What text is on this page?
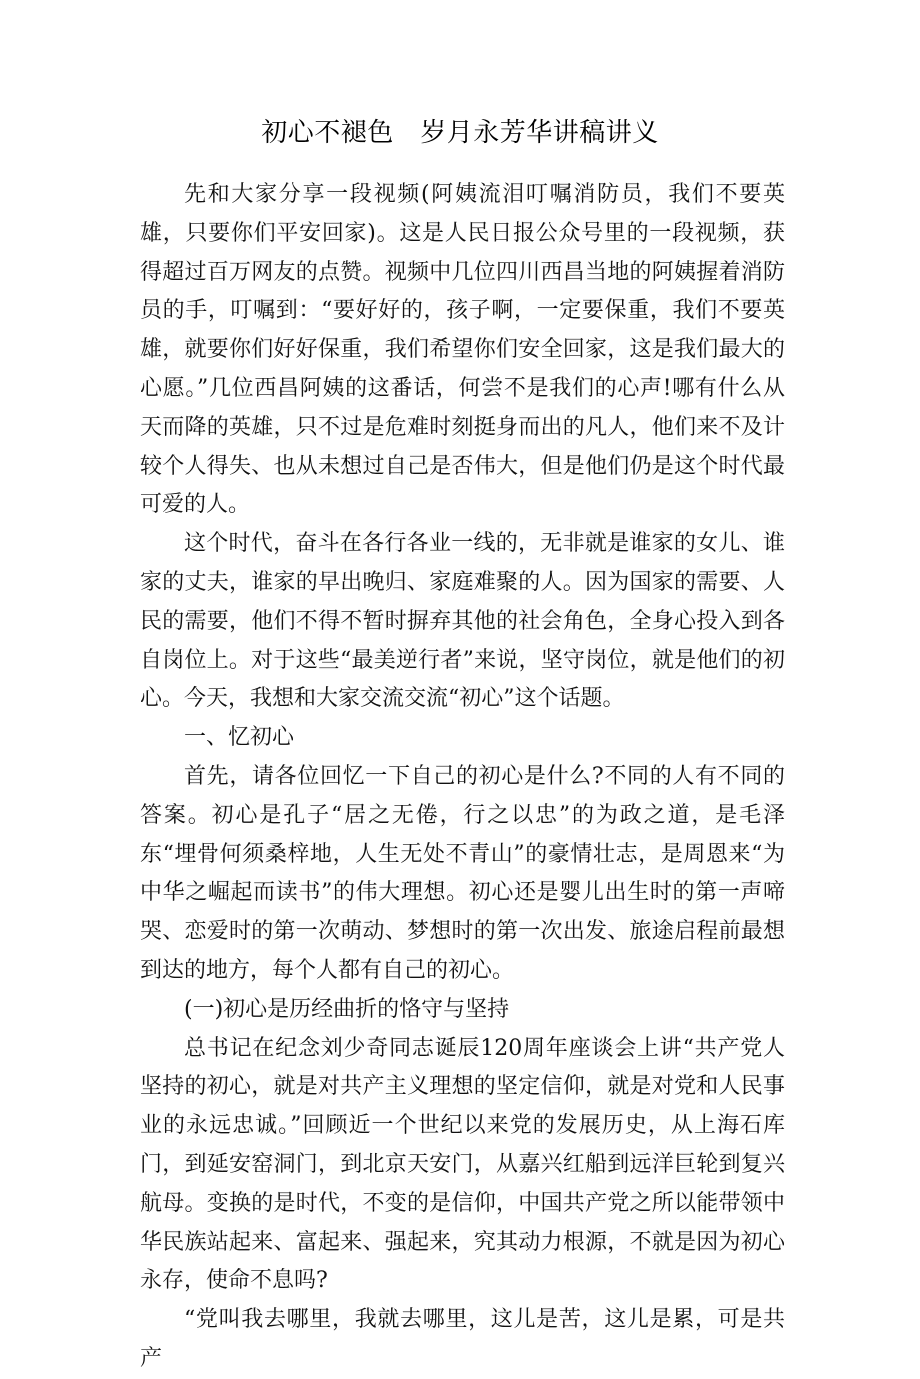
初心不褪色　岁月永芳华讲稿讲义

先和大家分享一段视频(阿姨流泪叮嘱消防员，我们不要英雄，只要你们平安回家)。这是人民日报公众号里的一段视频，获得超过百万网友的点赞。视频中几位四川西昌当地的阿姨握着消防员的手，叮嘱到：“要好好的，孩子啊，一定要保重，我们不要英雄，就要你们好好保重，我们希望你们安全回家，这是我们最大的心愿。”几位西昌阿姨的这番话，何尝不是我们的心声!哪有什么从天而降的英雄，只不过是危难时刻挺身而出的凡人，他们来不及计较个人得失、也从未想过自己是否伟大，但是他们仍是这个时代最可爱的人。

这个时代，奋斗在各行各业一线的，无非就是谁家的女儿、谁家的丈夫，谁家的早出晚归、家庭难聚的人。因为国家的需要、人民的需要，他们不得不暂时摒弃其他的社会角色，全身心投入到各自岗位上。对于这些“最美逆行者”来说，坚守岗位，就是他们的初心。今天，我想和大家交流交流“初心”这个话题。

一、忆初心

首先，请各位回忆一下自己的初心是什么?不同的人有不同的答案。初心是孔子“居之无倦，行之以忠”的为政之道，是毛泽东“埋骨何须桑梓地，人生无处不青山”的豪情壮志，是周恩来“为中华之崛起而读书”的伟大理想。初心还是婴儿出生时的第一声啼哭、恋爱时的第一次萌动、梦想时的第一次出发、旅途启程前最想到达的地方，每个人都有自己的初心。

(一)初心是历经曲折的恪守与坚持

总书记在纪念刘少奇同志诞辰120周年座谈会上讲“共产党人坚持的初心，就是对共产主义理想的坚定信仰，就是对党和人民事业的永远忠诚。”回顾近一个世纪以来党的发展历史，从上海石库门，到延安窑洞门，到北京天安门，从嘉兴红船到远洋巨轮到复兴航母。变换的是时代，不变的是信仰，中国共产党之所以能带领中华民族站起来、富起来、强起来，究其动力根源，不就是因为初心永存，使命不息吗?

“党叫我去哪里，我就去哪里，这儿是苦，这儿是累，可是共产
